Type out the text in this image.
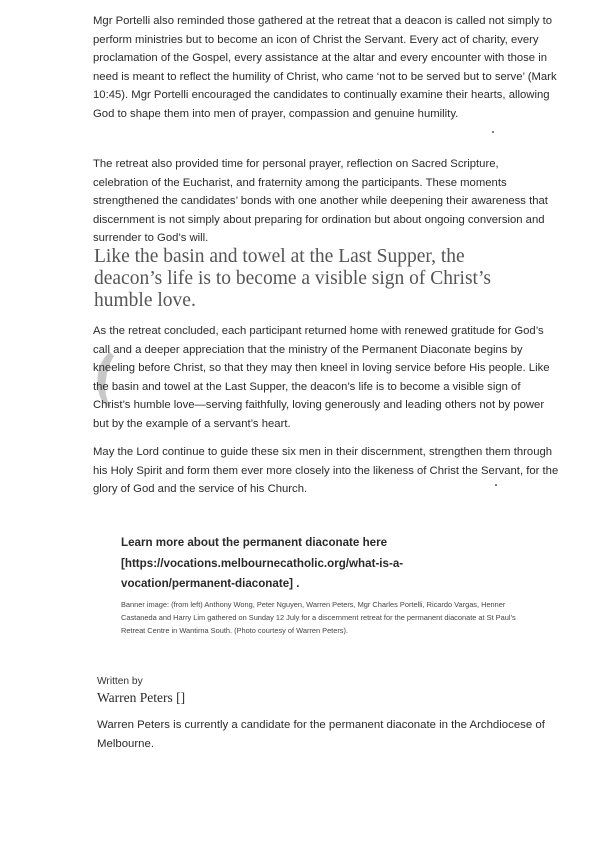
Mgr Portelli also reminded those gathered at the retreat that a deacon is called not simply to perform ministries but to become an icon of Christ the Servant. Every act of charity, every proclamation of the Gospel, every assistance at the altar and every encounter with those in need is meant to reflect the humility of Christ, who came ‘not to be served but to serve’ (Mark 10:45). Mgr Portelli encouraged the candidates to continually examine their hearts, allowing God to shape them into men of prayer, compassion and genuine humility.

The retreat also provided time for personal prayer, reflection on Sacred Scripture, celebration of the Eucharist, and fraternity among the participants. These moments strengthened the candidates’ bonds with one another while deepening their awareness that discernment is not simply about preparing for ordination but about ongoing conversion and surrender to God’s will.

Like the basin and towel at the Last Supper, the deacon’s life is to become a visible sign of Christ’s humble love.

As the retreat concluded, each participant returned home with renewed gratitude for God’s call and a deeper appreciation that the ministry of the Permanent Diaconate begins by kneeling before Christ, so that they may then kneel in loving service before His people. Like the basin and towel at the Last Supper, the deacon’s life is to become a visible sign of Christ’s humble love—serving faithfully, loving generously and leading others not by power but by the example of a servant’s heart.

May the Lord continue to guide these six men in their discernment, strengthen them through his Holy Spirit and form them ever more closely into the likeness of Christ the Servant, for the glory of God and the service of his Church.

Learn more about the permanent diaconate here [https://vocations.melbournecatholic.org/what-is-a-vocation/permanent-diaconate] .

Banner image: (from left) Anthony Wong, Peter Nguyen, Warren Peters, Mgr Charles Portelli, Ricardo Vargas, Henner Castaneda and Harry Lim gathered on Sunday 12 July for a discernment retreat for the permanent diaconate at St Paul’s Retreat Centre in Wantirna South. (Photo courtesy of Warren Peters).

Written by

Warren Peters []

Warren Peters is currently a candidate for the permanent diaconate in the Archdiocese of Melbourne.
